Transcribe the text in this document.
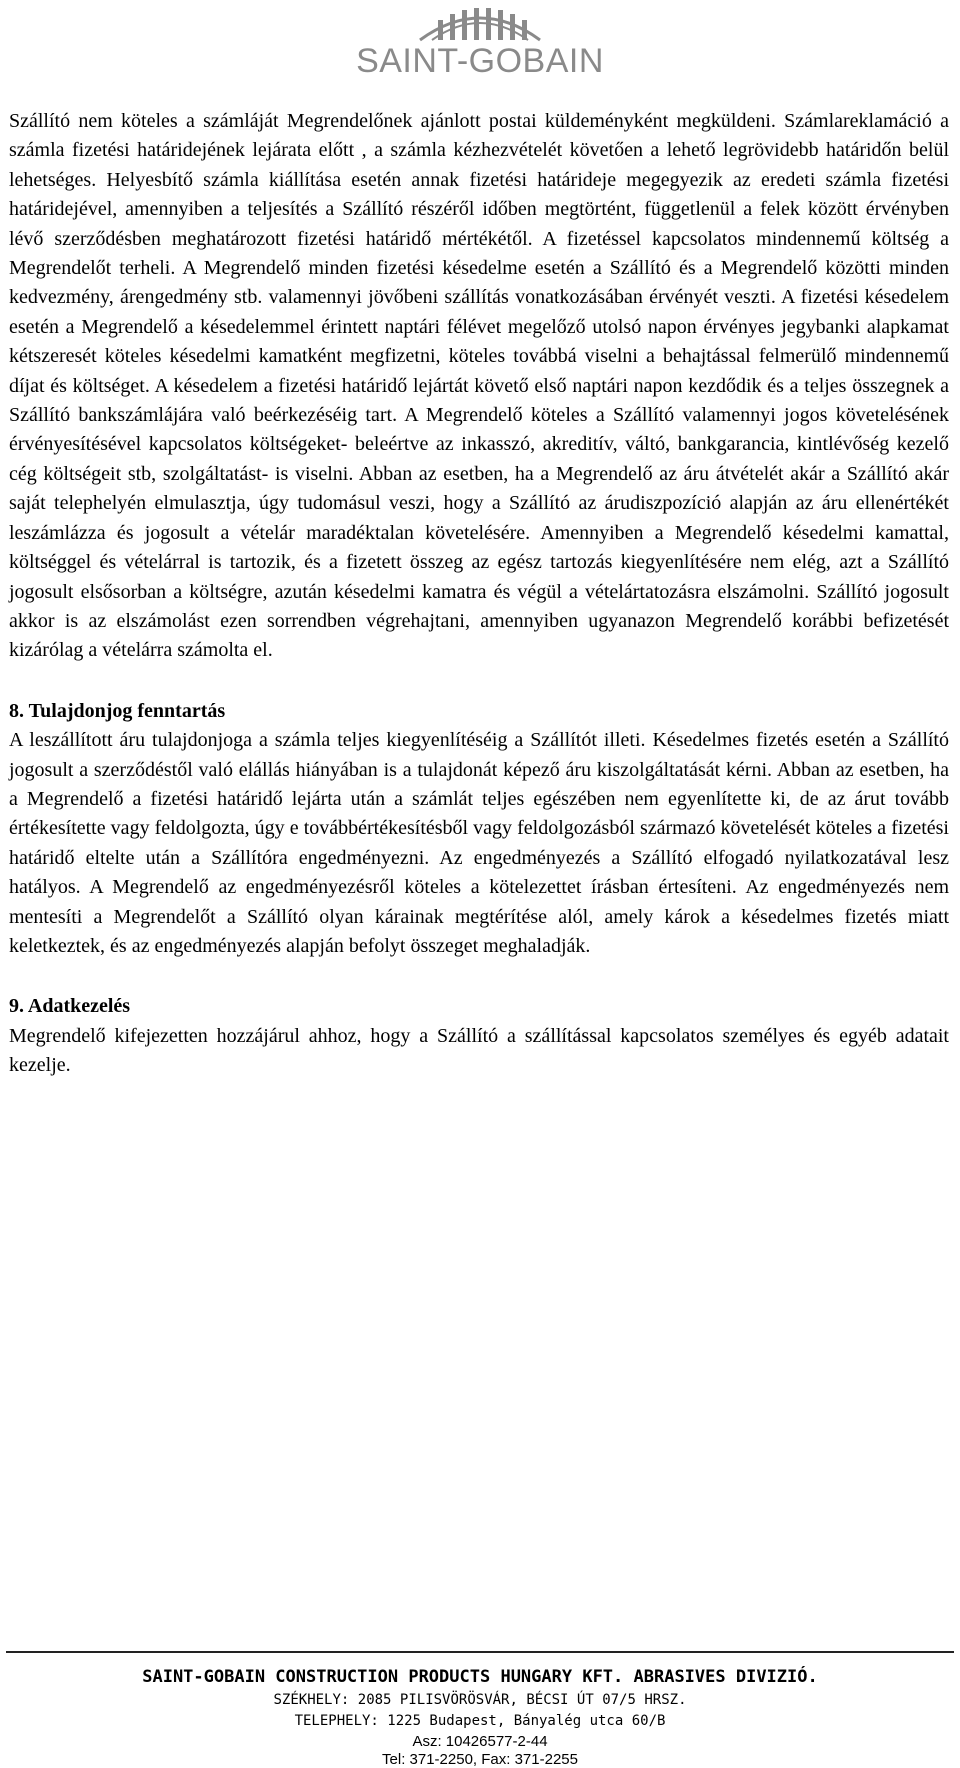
SAINT-GOBAIN

Szállító nem köteles a számláját Megrendelőnek ajánlott postai küldeményként megküldeni. Számlareklamáció a számla fizetési határidejének lejárata előtt , a számla kézhezvételét követően a lehető legrövidebb határidőn belül lehetséges. Helyesbítő számla kiállítása esetén annak fizetési határideje megegyezik az eredeti számla fizetési határidejével, amennyiben a teljesítés a Szállító részéről időben megtörtént, függetlenül a felek között érvényben lévő szerződésben meghatározott fizetési határidő mértékétől. A fizetéssel kapcsolatos mindennemű költség a Megrendelőt terheli. A Megrendelő minden fizetési késedelme esetén a Szállító és a Megrendelő közötti minden kedvezmény, árengedmény stb. valamennyi jövőbeni szállítás vonatkozásában érvényét veszti. A fizetési késedelem esetén a Megrendelő a késedelemmel érintett naptári félévet megelőző utolsó napon érvényes jegybanki alapkamat kétszeresét köteles késedelmi kamatként megfizetni, köteles továbbá viselni a behajtással felmerülő mindennemű díjat és költséget. A késedelem a fizetési határidő lejártát követő első naptári napon kezdődik és a teljes összegnek a Szállító bankszámlájára való beérkezéséig tart. A Megrendelő köteles a Szállító valamennyi jogos követelésének érvényesítésével kapcsolatos költségeket- beleértve az inkasszó, akreditív, váltó, bankgarancia, kintlévőség kezelő cég költségeit stb, szolgáltatást- is viselni. Abban az esetben, ha a Megrendelő az áru átvételét akár a Szállító akár saját telephelyén elmulasztja, úgy tudomásul veszi, hogy a Szállító az árudiszpozíció alapján az áru ellenértékét leszámlázza és jogosult a vételár maradéktalan követelésére. Amennyiben a Megrendelő késedelmi kamattal, költséggel és vételárral is tartozik, és a fizetett összeg az egész tartozás kiegyenlítésére nem elég, azt a Szállító jogosult elsősorban a költségre, azután késedelmi kamatra és végül a vételártatozásra elszámolni. Szállító jogosult akkor is az elszámolást ezen sorrendben végrehajtani, amennyiben ugyanazon Megrendelő korábbi befizetését kizárólag a vételárra számolta el.

8. Tulajdonjog fenntartás

A leszállított áru tulajdonjoga a számla teljes kiegyenlítéséig a Szállítót illeti. Késedelmes fizetés esetén a Szállító jogosult a szerződéstől való elállás hiányában is a tulajdonát képező áru kiszolgáltatását kérni. Abban az esetben, ha a Megrendelő a fizetési határidő lejárta után a számlát teljes egészében nem egyenlítette ki, de az árut tovább értékesítette vagy feldolgozta, úgy e továbbértékesítésből vagy feldolgozásból származó követelését köteles a fizetési határidő eltelte után a Szállítóra engedményezni. Az engedményezés a Szállító elfogadó nyilatkozatával lesz hatályos. A Megrendelő az engedményezésről köteles a kötelezettet írásban értesíteni. Az engedményezés nem mentesíti a Megrendelőt a Szállító olyan kárainak megtérítése alól, amely károk a késedelmes fizetés miatt keletkeztek, és az engedményezés alapján befolyt összeget meghaladják.

9. Adatkezelés

Megrendelő kifejezetten hozzájárul ahhoz, hogy a Szállító a szállítással kapcsolatos személyes és egyéb adatait kezelje.

SAINT-GOBAIN CONSTRUCTION PRODUCTS HUNGARY KFT. ABRASIVES DIVIZIÓ.
SZÉKHELY: 2085 PILISVÖRÖSVÁR, BÉCSI ÚT 07/5 HRSZ.
TELEPHELY: 1225 Budapest, Bányalég utca 60/B
Asz: 10426577-2-44
Tel: 371-2250, Fax: 371-2255
